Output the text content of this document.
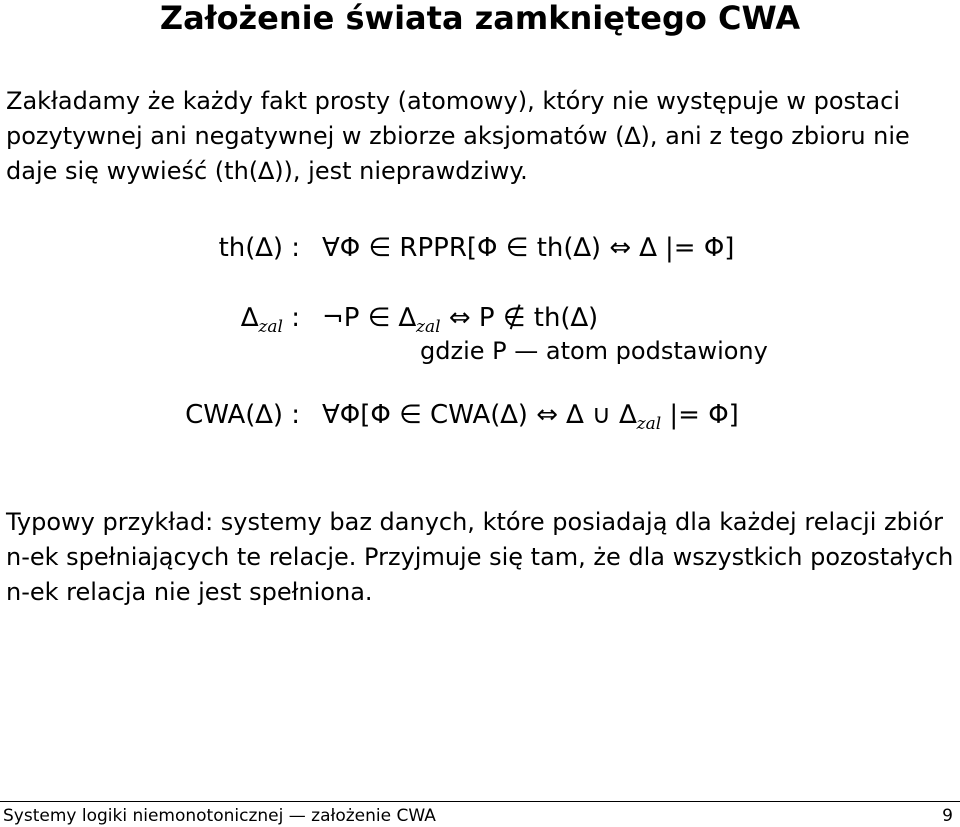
Założenie świata zamkniętego CWA
Zakładamy że każdy fakt prosty (atomowy), który nie występuje w postaci pozytywnej ani negatywnej w zbiorze aksjomatów (∆), ani z tego zbioru nie daje się wywieść (th(∆)), jest nieprawdziwy.
th(∆) : ∀Φ ∈ RPPR[Φ ∈ th(∆) ⇔ ∆ |= Φ]
$\Delta_{zal}$ : ¬P ∈ $\Delta_{zal}$ ⇔ P ∉ th(∆)
gdzie P — atom podstawiony
CWA(∆) : ∀Φ[Φ ∈ CWA(∆) ⇔ ∆ ∪ $\Delta_{zal}$ |= Φ]
Typowy przykład: systemy baz danych, które posiadają dla każdej relacji zbiór n-ek spełniających te relacje. Przyjmuje się tam, że dla wszystkich pozostałych n-ek relacja nie jest spełniona.
Systemy logiki niemonotonicznej — założenie CWA	9
